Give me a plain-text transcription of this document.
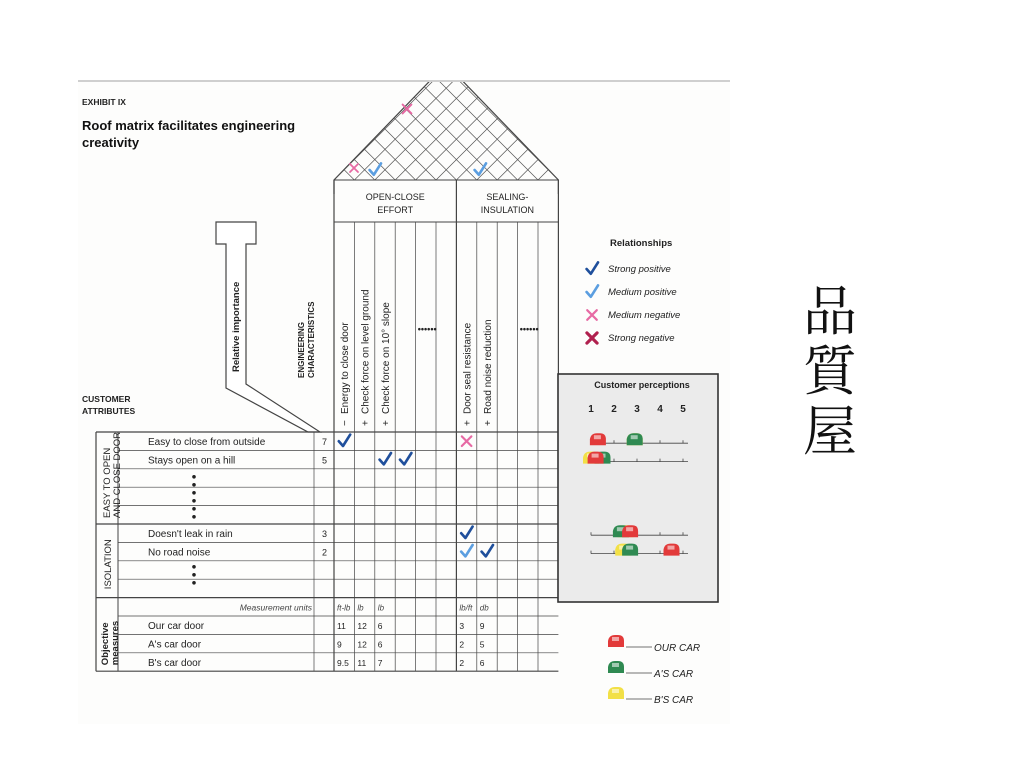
EXHIBIT IX
Roof matrix facilitates engineering
creativity
OPEN-CLOSE
EFFORT
SEALING-
INSULATION
−
Energy to close door
+
Check force on level ground
+
Check force on 10° slope
+
Door seal resistance
+
Road noise reduction
••••••	••••••
ENGINEERING CHARACTERISTICS
Relative importance
CUSTOMER
ATTRIBUTES
EASY TO OPEN AND CLOSE DOOR
ISOLATION
Objective measures
Easy to close from outside	7
Stays open on a hill	5
Doesn't leak in rain	3
No road noise	2
Measurement units	ft-lb lb lb	lb/ft db
Our car door	11 12 6	3 9
A's car door	9 12 6	2 5
B's car door	9.5 11 7	2 6
Relationships
Strong positive
Medium positive
Medium negative
Strong negative
Customer perceptions
1 2 3 4 5
OUR CAR
A'S CAR
B'S CAR
品
質
屋
